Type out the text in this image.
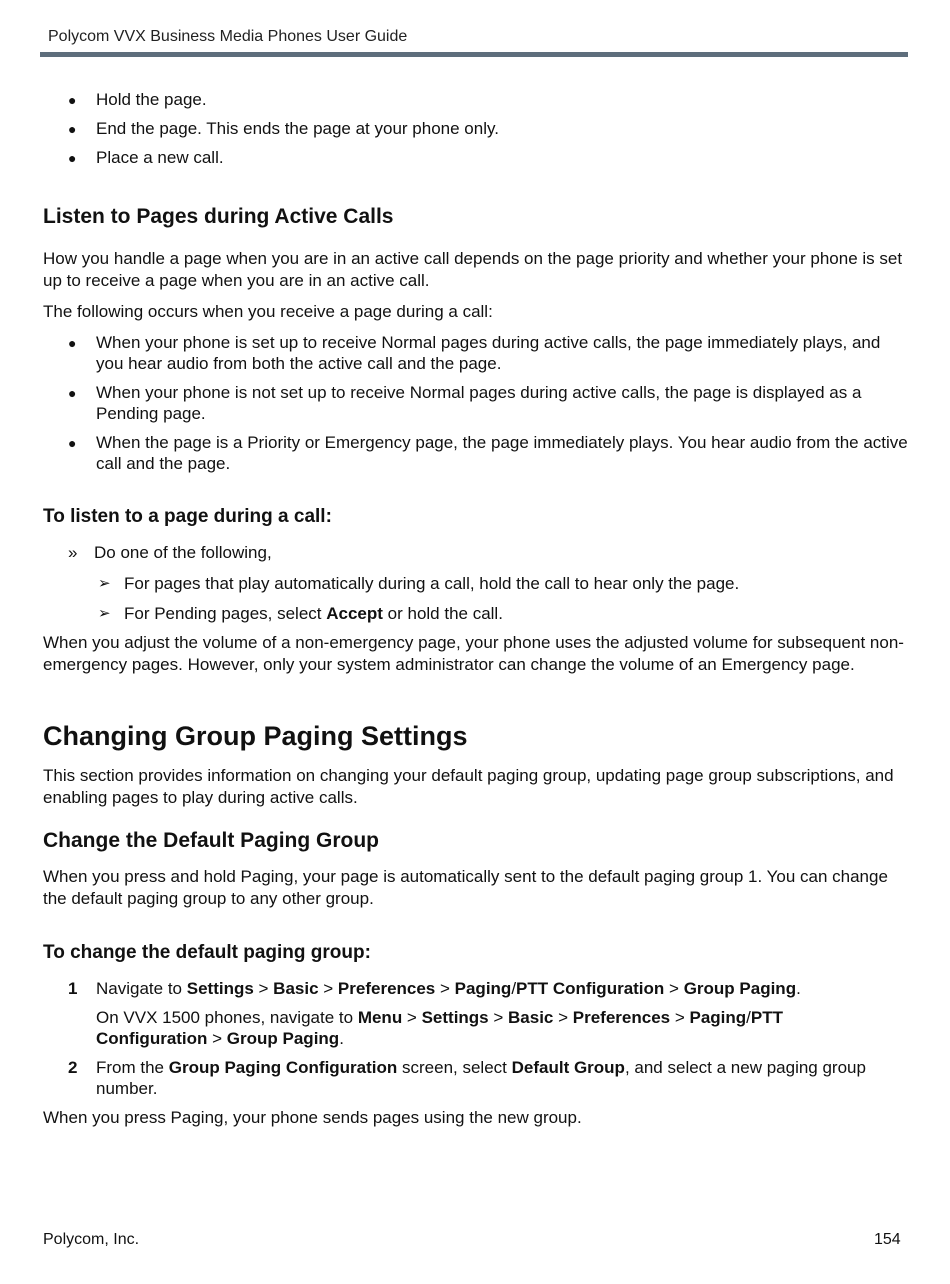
Polycom VVX Business Media Phones User Guide
● Hold the page.
● End the page. This ends the page at your phone only.
● Place a new call.
Listen to Pages during Active Calls
How you handle a page when you are in an active call depends on the page priority and whether your phone is set up to receive a page when you are in an active call.
The following occurs when you receive a page during a call:
● When your phone is set up to receive Normal pages during active calls, the page immediately plays, and you hear audio from both the active call and the page.
● When your phone is not set up to receive Normal pages during active calls, the page is displayed as a Pending page.
● When the page is a Priority or Emergency page, the page immediately plays. You hear audio from the active call and the page.
To listen to a page during a call:
» Do one of the following,
➢ For pages that play automatically during a call, hold the call to hear only the page.
➢ For Pending pages, select Accept or hold the call.
When you adjust the volume of a non-emergency page, your phone uses the adjusted volume for subsequent non-emergency pages. However, only your system administrator can change the volume of an Emergency page.
Changing Group Paging Settings
This section provides information on changing your default paging group, updating page group subscriptions, and enabling pages to play during active calls.
Change the Default Paging Group
When you press and hold Paging, your page is automatically sent to the default paging group 1. You can change the default paging group to any other group.
To change the default paging group:
1 Navigate to Settings > Basic > Preferences > Paging/PTT Configuration > Group Paging.
On VVX 1500 phones, navigate to Menu > Settings > Basic > Preferences > Paging/PTT
Configuration > Group Paging.
2 From the Group Paging Configuration screen, select Default Group, and select a new paging group number.
When you press Paging, your phone sends pages using the new group.
Polycom, Inc.	154
